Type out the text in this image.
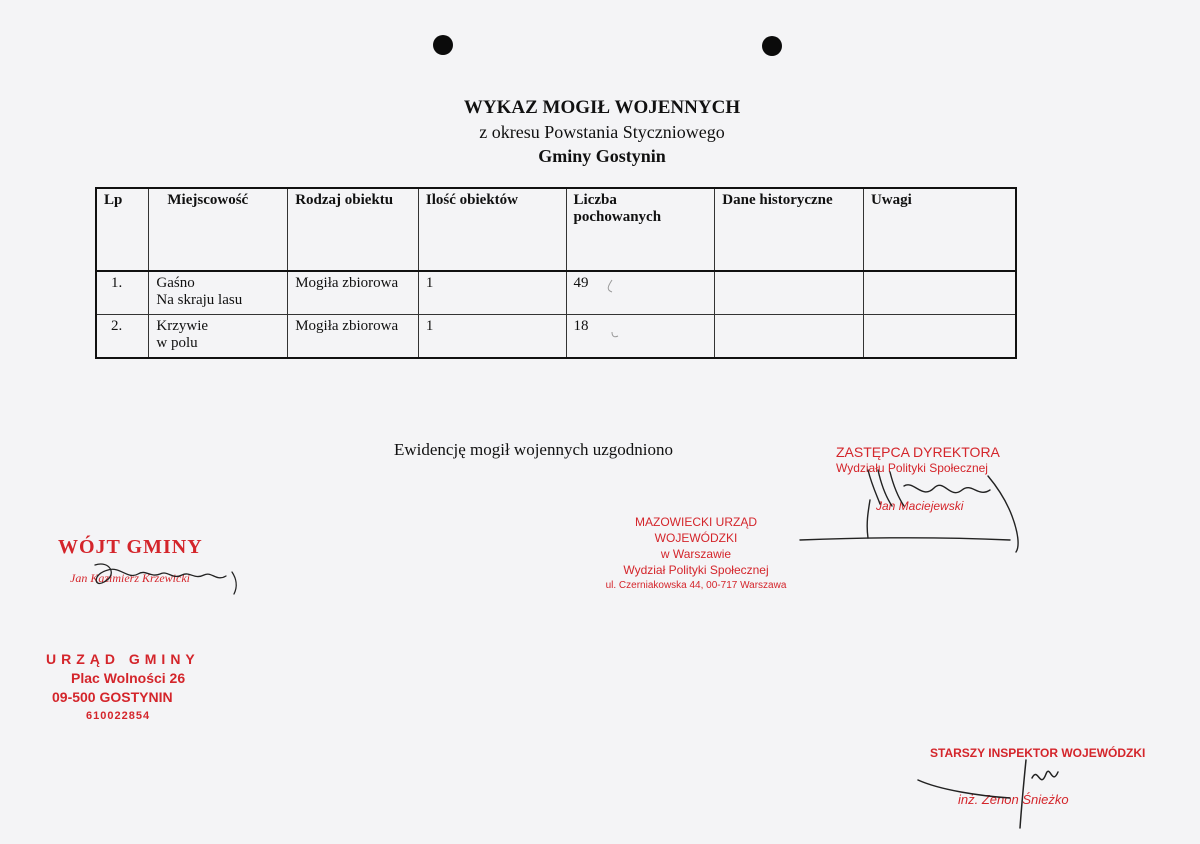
WYKAZ MOGIŁ WOJENNYCH
z okresu Powstania Styczniowego
Gminy Gostynin
Lp	Miejscowość	Rodzaj obiektu	Ilość obiektów	Liczba
pochowanych	Dane historyczne	Uwagi
1.	Gaśno
Na skraju lasu	Mogiła zbiorowa	1	49		
2.	Krzywie
w polu	Mogiła zbiorowa	1	18		
Ewidencję mogił wojennych uzgodniono
WÓJT GMINY
Jan Kazimierz Krzewicki
URZĄD GMINY
Plac Wolności 26
09-500 GOSTYNIN
610022854
MAZOWIECKI URZĄD WOJEWÓDZKI
w Warszawie
Wydział Polityki Społecznej
ul. Czerniakowska 44, 00-717 Warszawa
ZASTĘPCA DYREKTORA
Wydziału Polityki Społecznej
Jan Maciejewski
STARSZY INSPEKTOR WOJEWÓDZKI
inż. Zenon Śnieżko
